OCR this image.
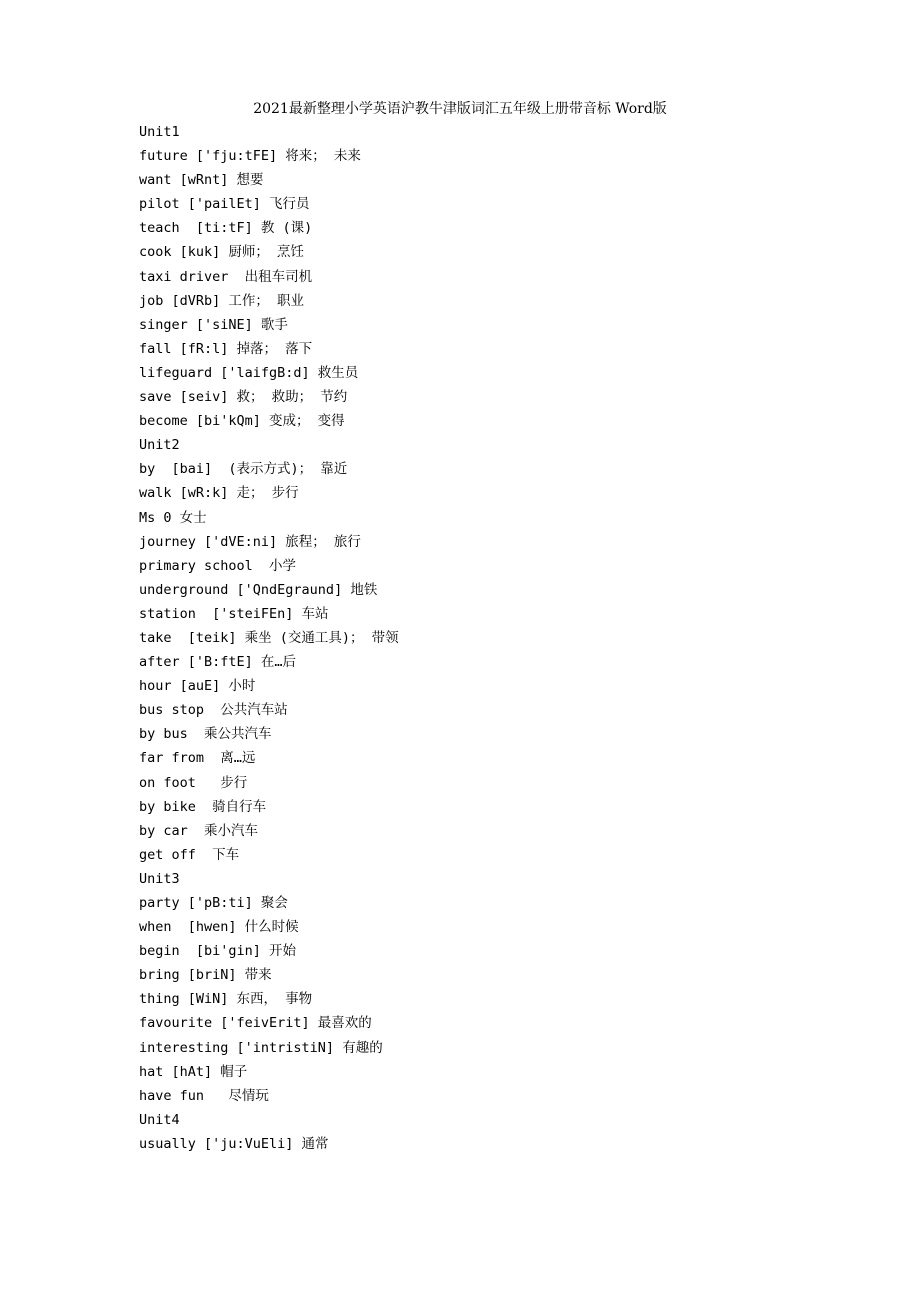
2021最新整理小学英语沪教牛津版词汇五年级上册带音标 Word版
Unit1
future ['fju:tFE] 将来； 未来
want [wRnt] 想要
pilot ['pailEt] 飞行员
teach  [ti:tF] 教 (课)
cook [kuk] 厨师； 烹饪
taxi driver  出租车司机
job [dVRb] 工作； 职业
singer ['siNE] 歌手
fall [fR:l] 掉落； 落下
lifeguard ['laifgB:d] 救生员
save [seiv] 救； 救助； 节约
become [bi'kQm] 变成； 变得
Unit2
by  [bai]  (表示方式)； 靠近
walk [wR:k] 走； 步行
Ms 0 女士
journey ['dVE:ni] 旅程； 旅行
primary school  小学
underground ['QndEgraund] 地铁
station  ['steiFEn] 车站
take  [teik] 乘坐 (交通工具)； 带领
after ['B:ftE] 在…后
hour [auE] 小时
bus stop  公共汽车站
by bus  乘公共汽车
far from  离…远
on foot   步行
by bike  骑自行车
by car  乘小汽车
get off  下车
Unit3
party ['pB:ti] 聚会
when  [hwen] 什么时候
begin  [bi'gin] 开始
bring [briN] 带来
thing [WiN] 东西， 事物
favourite ['feivErit] 最喜欢的
interesting ['intristiN] 有趣的
hat [hAt] 帽子
have fun   尽情玩
Unit4
usually ['ju:VuEli] 通常
